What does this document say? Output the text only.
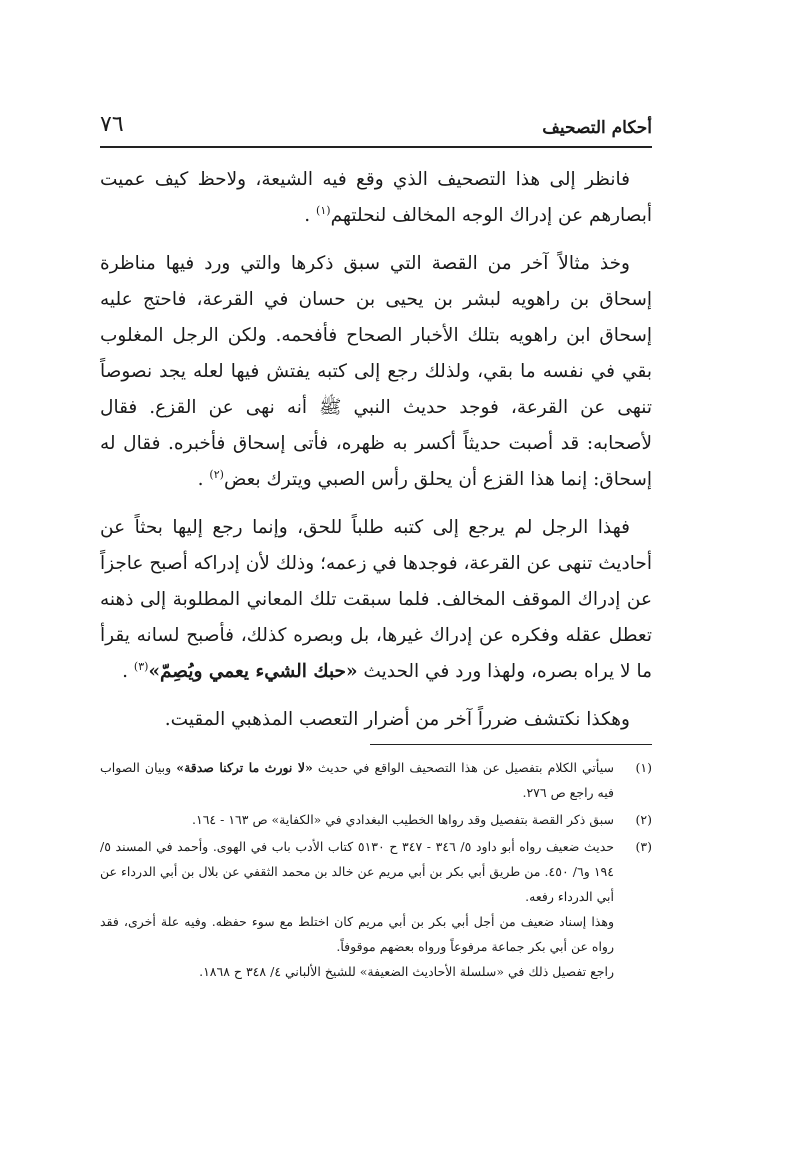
أحكام التصحيف
٧٦

فانظر إلى هذا التصحيف الذي وقع فيه الشيعة، ولاحظ كيف عميت أبصارهم عن إدراك الوجه المخالف لنحلتهم$^{(١)}$ .

وخذ مثالاً آخر من القصة التي سبق ذكرها والتي ورد فيها مناظرة إسحاق بن راهويه لبشر بن يحيى بن حسان في القرعة، فاحتج عليه إسحاق ابن راهويه بتلك الأخبار الصحاح فأفحمه. ولكن الرجل المغلوب بقي في نفسه ما بقي، ولذلك رجع إلى كتبه يفتش فيها لعله يجد نصوصاً تنهى عن القرعة، فوجد حديث النبي ﷺ أنه نهى عن القزع. فقال لأصحابه: قد أصبت حديثاً أكسر به ظهره، فأتى إسحاق فأخبره. فقال له إسحاق: إنما هذا القزع أن يحلق رأس الصبي ويترك بعض$^{(٢)}$ .

فهذا الرجل لم يرجع إلى كتبه طلباً للحق، وإنما رجع إليها بحثاً عن أحاديث تنهى عن القرعة، فوجدها في زعمه؛ وذلك لأن إدراكه أصبح عاجزاً عن إدراك الموقف المخالف. فلما سبقت تلك المعاني المطلوبة إلى ذهنه تعطل عقله وفكره عن إدراك غيرها، بل وبصره كذلك، فأصبح لسانه يقرأ ما لا يراه بصره، ولهذا ورد في الحديث «حبك الشيء يعمي ويُصِمّ»$^{(٣)}$ .

وهكذا نكتشف ضرراً آخر من أضرار التعصب المذهبي المقيت.

(١)

سيأتي الكلام بتفصيل عن هذا التصحيف الواقع في حديث «لا نورث ما تركنا صدقة» وبيان الصواب فيه راجع ص ٢٧٦.

(٢)

سبق ذكر القصة بتفصيل وقد رواها الخطيب البغدادي في «الكفاية» ص ١٦٣ - ١٦٤.

(٣)

حديث ضعيف رواه أبو داود ٥/ ٣٤٦ - ٣٤٧ ح ٥١٣٠ كتاب الأدب باب في الهوى. وأحمد في المسند ٥/ ١٩٤ و٦/ ٤٥٠. من طريق أبي بكر بن أبي مريم عن خالد بن محمد الثقفي عن بلال بن أبي الدرداء عن أبي الدرداء رفعه.

وهذا إسناد ضعيف من أجل أبي بكر بن أبي مريم كان اختلط مع سوء حفظه. وفيه علة أخرى، فقد رواه عن أبي بكر جماعة مرفوعاً ورواه بعضهم موقوفاً.

راجع تفصيل ذلك في «سلسلة الأحاديث الضعيفة» للشيخ الألباني ٤/ ٣٤٨ ح ١٨٦٨.
